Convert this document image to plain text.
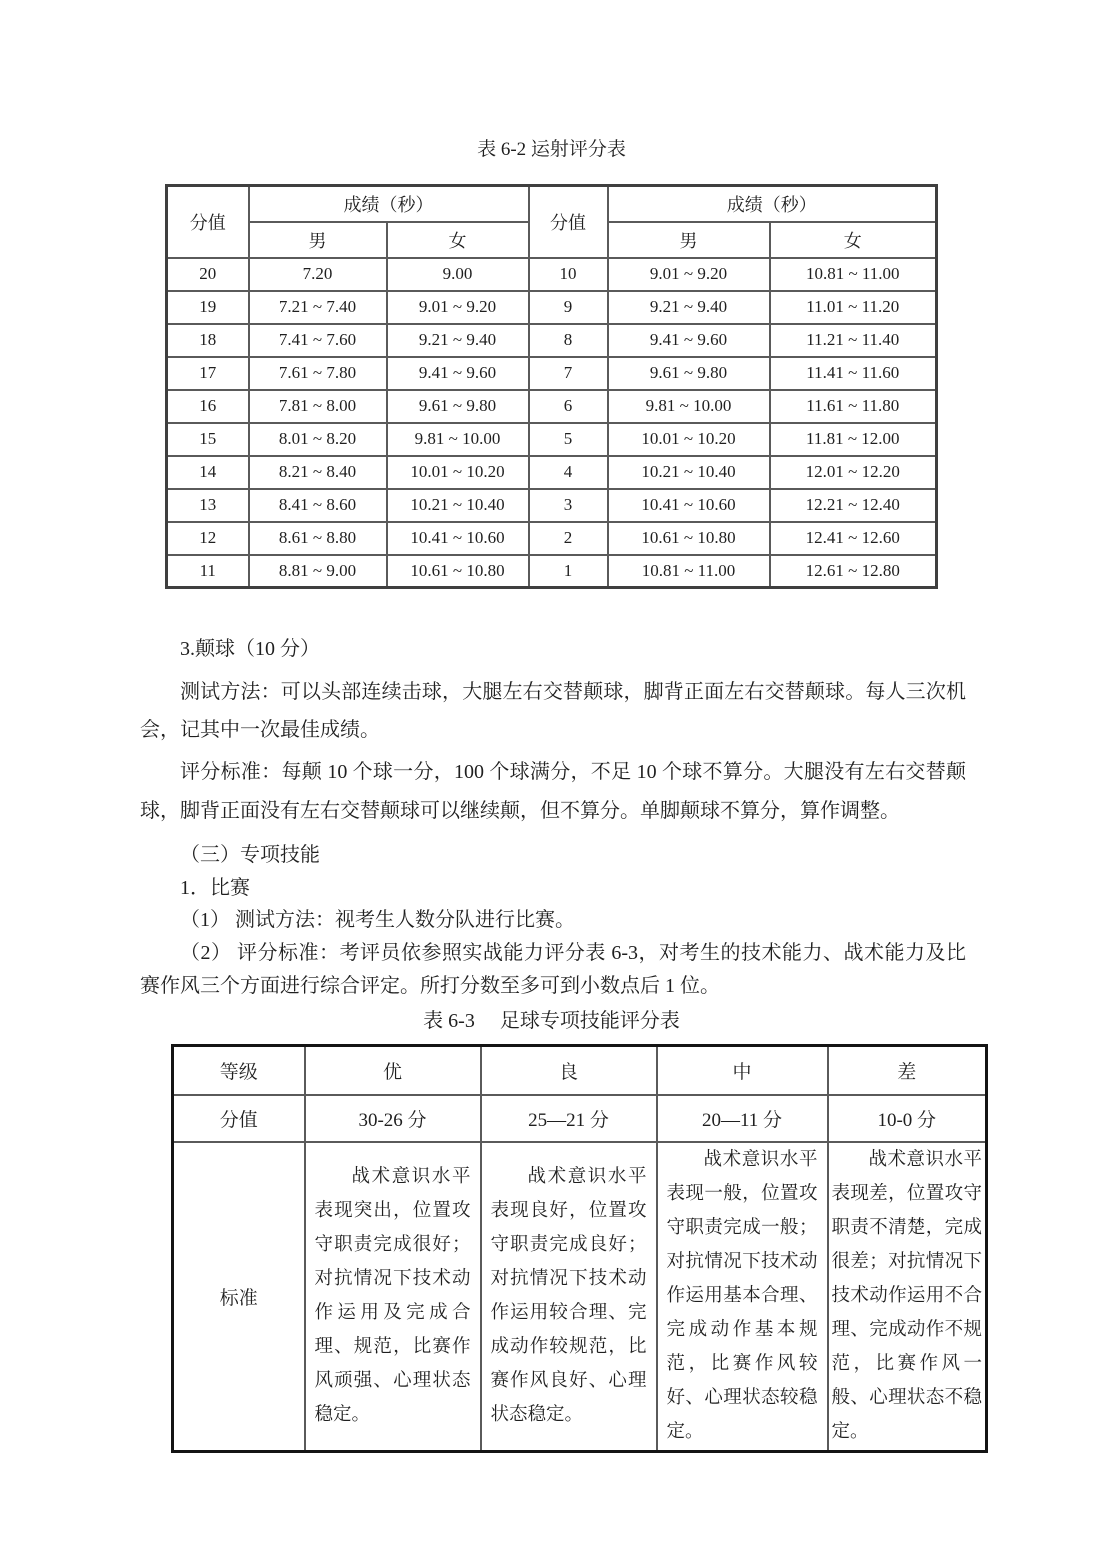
表 6-2 运射评分表
分值	成绩（秒）		分值	成绩（秒）	
	男	女		男	女
20	7.20	9.00	10	9.01 ~ 9.20	10.81 ~ 11.00
19	7.21 ~ 7.40	9.01 ~ 9.20	9	9.21 ~ 9.40	11.01 ~ 11.20
18	7.41 ~ 7.60	9.21 ~ 9.40	8	9.41 ~ 9.60	11.21 ~ 11.40
17	7.61 ~ 7.80	9.41 ~ 9.60	7	9.61 ~ 9.80	11.41 ~ 11.60
16	7.81 ~ 8.00	9.61 ~ 9.80	6	9.81 ~ 10.00	11.61 ~ 11.80
15	8.01 ~ 8.20	9.81 ~ 10.00	5	10.01 ~ 10.20	11.81 ~ 12.00
14	8.21 ~ 8.40	10.01 ~ 10.20	4	10.21 ~ 10.40	12.01 ~ 12.20
13	8.41 ~ 8.60	10.21 ~ 10.40	3	10.41 ~ 10.60	12.21 ~ 12.40
12	8.61 ~ 8.80	10.41 ~ 10.60	2	10.61 ~ 10.80	12.41 ~ 12.60
11	8.81 ~ 9.00	10.61 ~ 10.80	1	10.81 ~ 11.00	12.61 ~ 12.80

3.颠球（10 分）

测试方法：可以头部连续击球，大腿左右交替颠球，脚背正面左右交替颠球。每人三次机会，记其中一次最佳成绩。

评分标准：每颠 10 个球一分，100 个球满分，不足 10 个球不算分。大腿没有左右交替颠球，脚背正面没有左右交替颠球可以继续颠，但不算分。单脚颠球不算分，算作调整。

（三）专项技能

1．比赛

（1） 测试方法：视考生人数分队进行比赛。

（2） 评分标准：考评员依参照实战能力评分表 6-3，对考生的技术能力、战术能力及比赛作风三个方面进行综合评定。所打分数至多可到小数点后 1 位。

表 6-3　 足球专项技能评分表
等级	优	良	中	差
分值	30-26 分	25—21 分	20—11 分	10-0 分
标准	战术意识水平表现突出，位置攻守职责完成很好；对抗情况下技术动作运用及完成合理、规范，比赛作风顽强、心理状态稳定。	战术意识水平表现良好，位置攻守职责完成良好；对抗情况下技术动作运用较合理、完成动作较规范，比赛作风良好、心理状态稳定。	战术意识水平表现一般，位置攻守职责完成一般；对抗情况下技术动作运用基本合理、完成动作基本规范，比赛作风较好、心理状态较稳定。	战术意识水平表现差，位置攻守职责不清楚，完成很差；对抗情况下技术动作运用不合理、完成动作不规范，比赛作风一般、心理状态不稳定。
